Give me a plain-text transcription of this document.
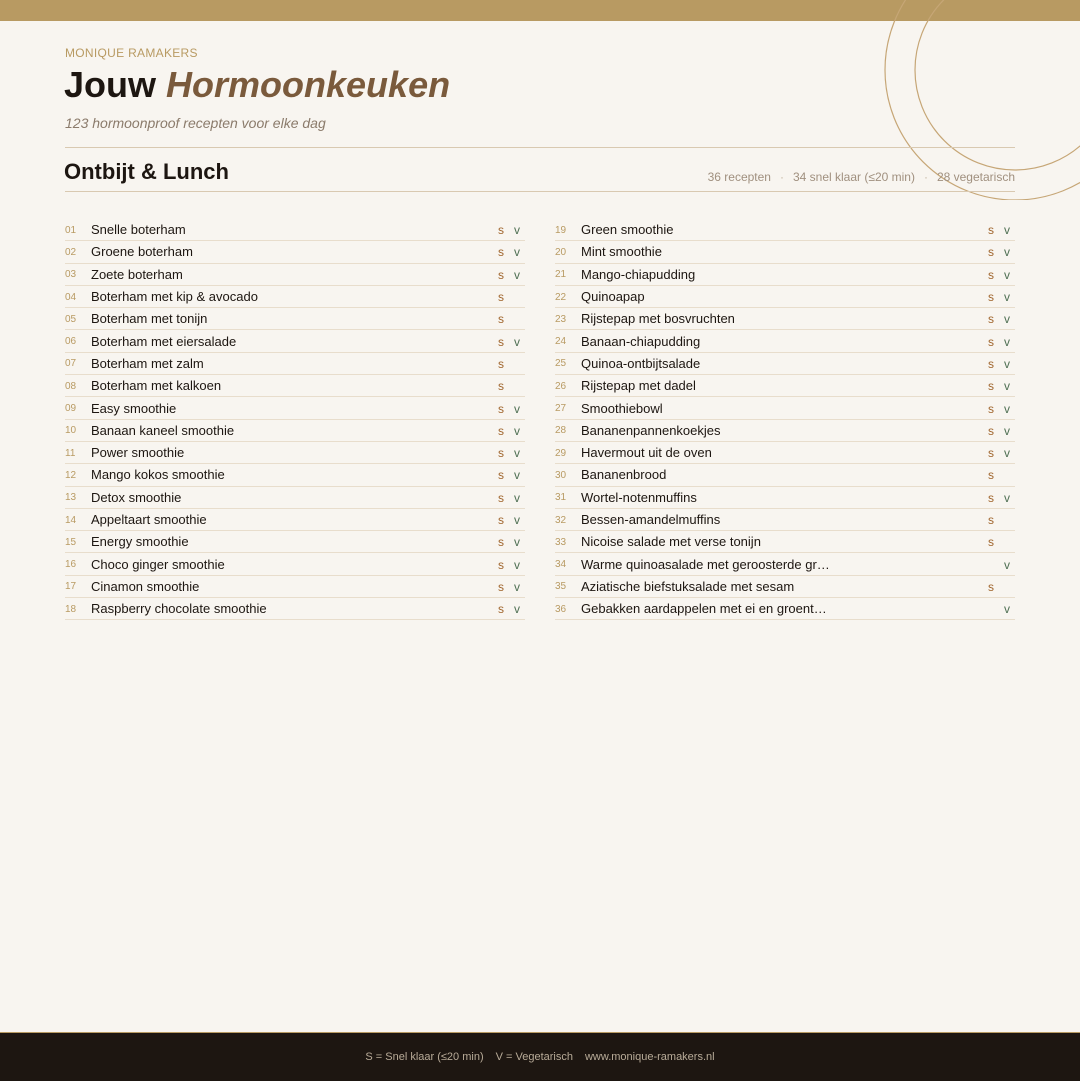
MONIQUE RAMAKERS
Jouw Hormoonkeuken
123 hormoonproof recepten voor elke dag
Ontbijt & Lunch	36 recepten · 34 snel klaar (≤20 min) · 28 vegetarisch
01	Snelle boterham	s v
02	Groene boterham	s v
03	Zoete boterham	s v
04	Boterham met kip & avocado	s
05	Boterham met tonijn	s
06	Boterham met eiersalade	s v
07	Boterham met zalm	s
08	Boterham met kalkoen	s
09	Easy smoothie	s v
10	Banaan kaneel smoothie	s v
11	Power smoothie	s v
12	Mango kokos smoothie	s v
13	Detox smoothie	s v
14	Appeltaart smoothie	s v
15	Energy smoothie	s v
16	Choco ginger smoothie	s v
17	Cinamon smoothie	s v
18	Raspberry chocolate smoothie	s v
19	Green smoothie	s v
20	Mint smoothie	s v
21	Mango-chiapudding	s v
22	Quinoapap	s v
23	Rijstepap met bosvruchten	s v
24	Banaan-chiapudding	s v
25	Quinoa-ontbijtsalade	s v
26	Rijstepap met dadel	s v
27	Smoothiebowl	s v
28	Bananenpannenkoekjes	s v
29	Havermout uit de oven	s v
30	Bananenbrood	s
31	Wortel-notenmuffins	s v
32	Bessen-amandelmuffins	s
33	Nicoise salade met verse tonijn	s
34	Warme quinoasalade met geroosterde gr…	v
35	Aziatische biefstuksalade met sesam	s
36	Gebakken aardappelen met ei en groent…	v
S = Snel klaar (≤20 min) V = Vegetarisch www.monique-ramakers.nl
